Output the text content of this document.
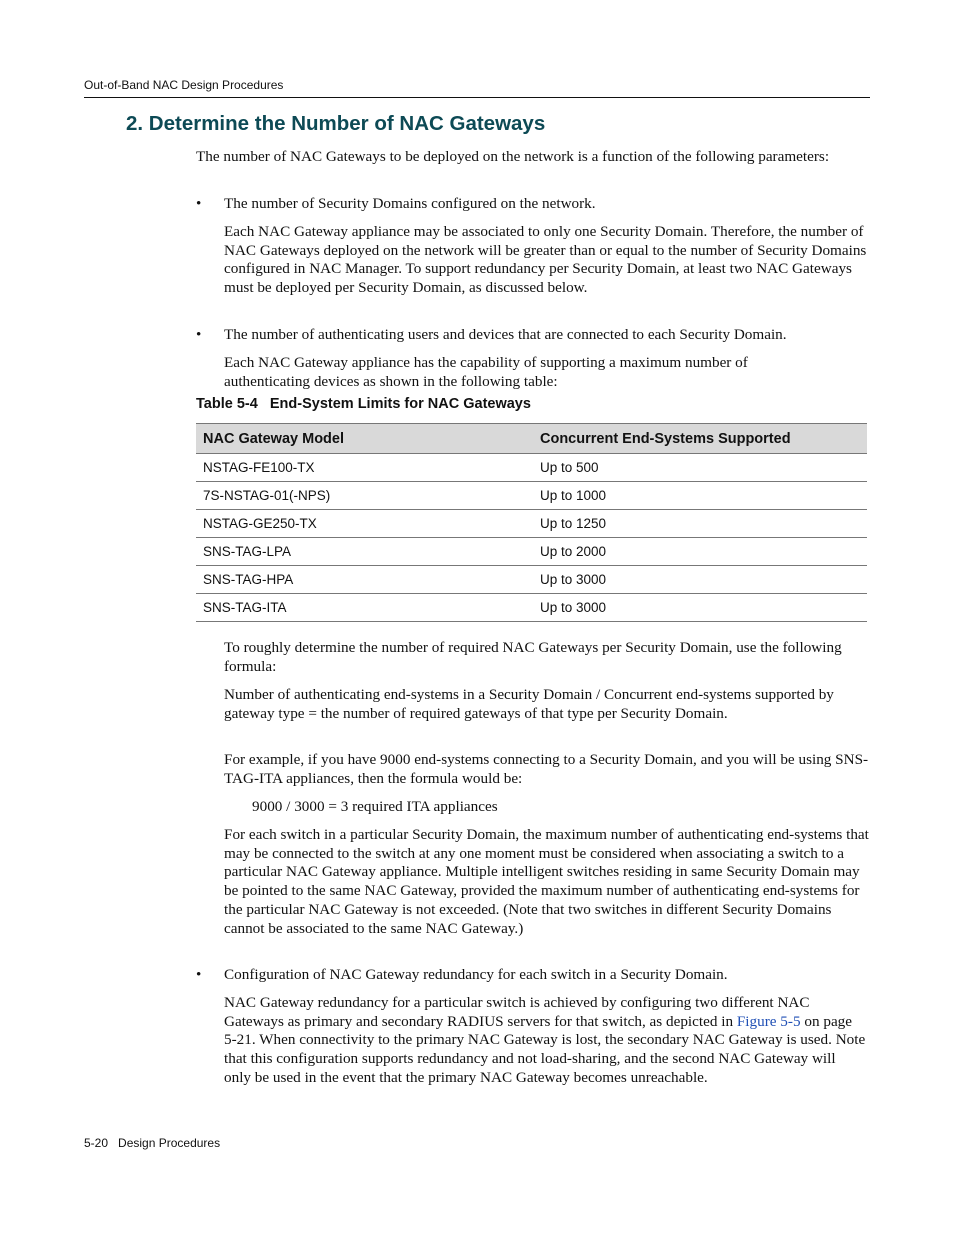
Out-of-Band NAC Design Procedures
2. Determine the Number of NAC Gateways

The number of NAC Gateways to be deployed on the network is a function of the following parameters:

• The number of Security Domains configured on the network.

Each NAC Gateway appliance may be associated to only one Security Domain. Therefore, the number of NAC Gateways deployed on the network will be greater than or equal to the number of Security Domains configured in NAC Manager. To support redundancy per Security Domain, at least two NAC Gateways must be deployed per Security Domain, as discussed below.

• The number of authenticating users and devices that are connected to each Security Domain.

Each NAC Gateway appliance has the capability of supporting a maximum number of authenticating devices as shown in the following table:

Table 5-4 End-System Limits for NAC Gateways
NAC Gateway Model	Concurrent End-Systems Supported
NSTAG-FE100-TX	Up to 500
7S-NSTAG-01(-NPS)	Up to 1000
NSTAG-GE250-TX	Up to 1250
SNS-TAG-LPA	Up to 2000
SNS-TAG-HPA	Up to 3000
SNS-TAG-ITA	Up to 3000

To roughly determine the number of required NAC Gateways per Security Domain, use the following formula:

Number of authenticating end-systems in a Security Domain / Concurrent end-systems supported by gateway type = the number of required gateways of that type per Security Domain.

For example, if you have 9000 end-systems connecting to a Security Domain, and you will be using SNS-TAG-ITA appliances, then the formula would be:

9000 / 3000 = 3 required ITA appliances

For each switch in a particular Security Domain, the maximum number of authenticating end-systems that may be connected to the switch at any one moment must be considered when associating a switch to a particular NAC Gateway appliance. Multiple intelligent switches residing in same Security Domain may be pointed to the same NAC Gateway, provided the maximum number of authenticating end-systems for the particular NAC Gateway is not exceeded. (Note that two switches in different Security Domains cannot be associated to the same NAC Gateway.)

• Configuration of NAC Gateway redundancy for each switch in a Security Domain.

NAC Gateway redundancy for a particular switch is achieved by configuring two different NAC Gateways as primary and secondary RADIUS servers for that switch, as depicted in Figure 5-5 on page 5-21. When connectivity to the primary NAC Gateway is lost, the secondary NAC Gateway is used. Note that this configuration supports redundancy and not load-sharing, and the second NAC Gateway will only be used in the event that the primary NAC Gateway becomes unreachable.

5-20 Design Procedures
